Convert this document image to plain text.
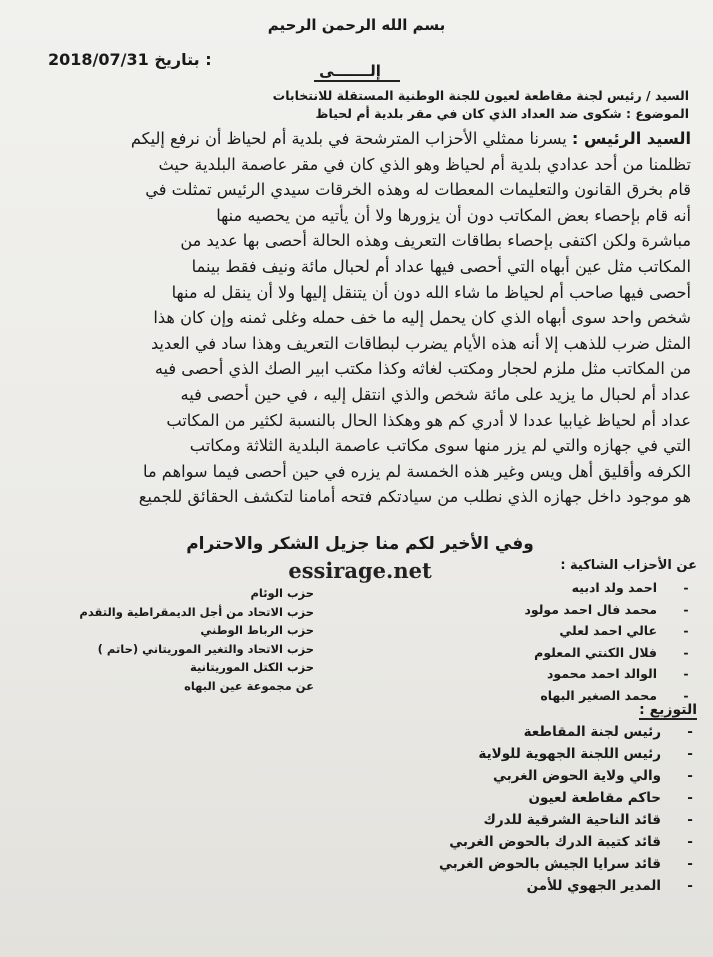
بسم الله الرحمن الرحيم
2018/07/31 بتاريخ :
إلـــــــى
السيد / رئيس لجنة مقاطعة لعيون للجنة الوطنية المستقلة للانتخابات
الموضوع : شكوى ضد العداد الذي كان في مقر بلدية أم لحياظ
السيد الرئيس : يسرنا ممثلي الأحزاب المترشحة في بلدية أم لحياظ أن نرفع إليكم
تظلمنا من أحد عدادي بلدية أم لحياظ وهو الذي كان في مقر عاصمة البلدية حيث
قام بخرق القانون والتعليمات المعطات له وهذه الخرقات سيدي الرئيس تمثلت في
أنه قام بإحصاء بعض المكاتب دون أن يزورها ولا أن يأتيه من يحصيه منها
مباشرة ولكن اكتفى بإحصاء بطاقات التعريف وهذه الحالة أحصى بها عديد من
المكاتب مثل عين أبهاه التي أحصى فيها عداد أم لحبال مائة ونيف فقط بينما
أحصى فيها صاحب أم لحياظ ما شاء الله دون أن يتنقل إليها ولا أن ينقل له منها
شخص واحد سوى أبهاه الذي كان يحمل إليه ما خف حمله وغلى ثمنه وإن كان هذا
المثل ضرب للذهب إلا أنه هذه الأيام يضرب لبطاقات التعريف وهذا ساد في العديد
من المكاتب مثل ملزم لحجار ومكتب لغاثه وكذا مكتب ابير الصك الذي أحصى فيه
عداد أم لحبال ما يزيد على مائة شخص والذي انتقل إليه ، في حين أحصى فيه
عداد أم لحياظ غيابيا عددا لا أدري كم هو وهكذا الحال بالنسبة لكثير من المكاتب
التي في جهازه والتي لم يزر منها سوى مكاتب عاصمة البلدية الثلاثة ومكاتب
الكرفه وأقليق أهل ويس وغير هذه الخمسة لم يزره في حين أحصى فيما سواهم ما
هو موجود داخل جهازه الذي نطلب من سيادتكم فتحه أمامنا لتكشف الحقائق للجميع
وفي الأخير لكم منا جزيل الشكر والاحترام
essirage.net	عن الأحزاب الشاكية :
-احمد ولد ادبيه
-محمد فال احمد مولود
-عالي احمد لعلي
-فلال الكنتي المعلوم
-الوالد احمد محمود
-محمد الصغير البهاه
حزب الوئام
حزب الاتحاد من أجل الديمقراطية والتقدم
حزب الرباط الوطني
حزب الاتحاد والتغير الموريتاني (حاتم )
حزب الكتل الموريتانية
عن مجموعة عين البهاه
التوزيع :
-رئيس لجنة المقاطعة
-رئيس اللجنة الجهوية للولاية
-والي ولاية الحوض الغربي
-حاكم مقاطعة لعيون
-قائد الناحية الشرقية للدرك
-قائد كتيبة الدرك بالحوض الغربي
-قائد سرايا الجيش بالحوض الغربي
-المدير الجهوي للأمن
